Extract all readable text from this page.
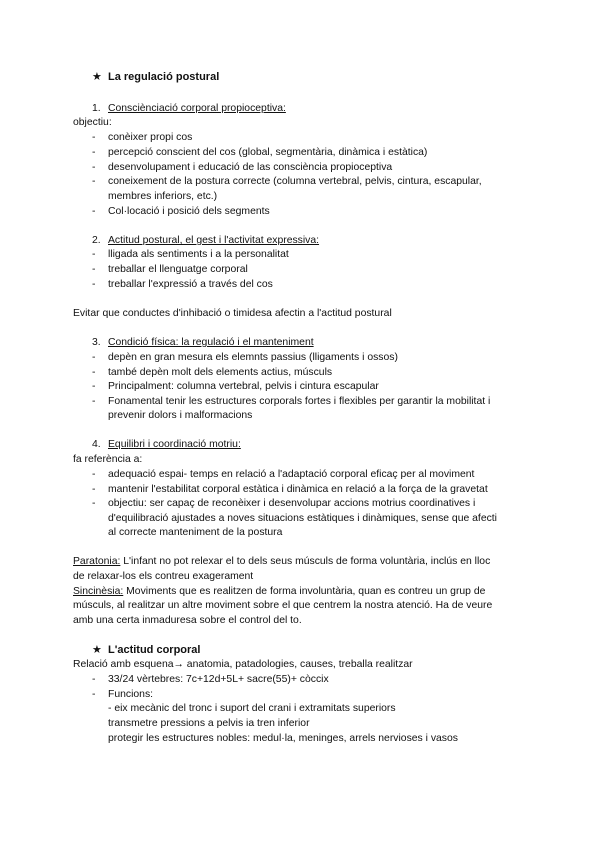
★ La regulació postural
1. Consciènciació corporal propioceptiva:
objectiu:
- conèixer propi cos
- percepció conscient del cos (global, segmentària, dinàmica i estàtica)
- desenvolupament i educació de las consciència propioceptiva
- coneixement de la postura correcte (columna vertebral, pelvis, cintura, escapular,
membres inferiors, etc.)
- Col·locació i posició dels segments
2. Actitud postural, el gest i l'activitat expressiva:
- lligada als sentiments i a la personalitat
- treballar el llenguatge corporal
- treballar l'expressió a través del cos
Evitar que conductes d'inhibació o timidesa afectin a l'actitud postural
3. Condició física: la regulació i el manteniment
- depèn en gran mesura els elemnts passius (lligaments i ossos)
- també depèn molt dels elements actius, músculs
- Principalment: columna vertebral, pelvis i cintura escapular
- Fonamental tenir les estructures corporals fortes i flexibles per garantir la mobilitat i
prevenir dolors i malformacions
4. Equilibri i coordinació motriu:
fa referència a:
- adequació espai- temps en relació a l'adaptació corporal eficaç per al moviment
- mantenir l'estabilitat corporal estàtica i dinàmica en relació a la força de la gravetat
- objectiu: ser capaç de reconèixer i desenvolupar accions motrius coordinatives i
d'equilibració ajustades a noves situacions estàtiques i dinàmiques, sense que afecti
al correcte manteniment de la postura
Paratonia: L'infant no pot relexar el to dels seus músculs de forma voluntària, inclús en lloc
de relaxar-los els contreu exagerament
Sincinèsia: Moviments que es realitzen de forma involuntària, quan es contreu un grup de
músculs, al realitzar un altre moviment sobre el que centrem la nostra atenció. Ha de veure
amb una certa inmaduresa sobre el control del to.
★ L'actitud corporal
Relació amb esquena→ anatomia, patadologies, causes, treballa realitzar
- 33/24 vèrtebres: 7c+12d+5L+ sacre(55)+ còccix
- Funcions:
- eix mecànic del tronc i suport del crani i extramitats superiors
transmetre pressions a pelvis ia tren inferior
protegir les estructures nobles: medul·la, meninges, arrels nervioses i vasos
